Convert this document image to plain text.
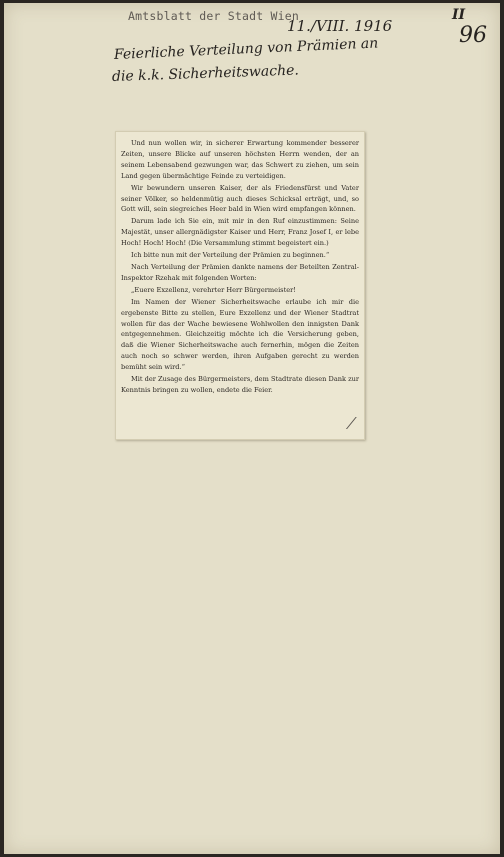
Amtsblatt der Stadt Wien
11./VIII. 1916
II
96
Feierliche Verteilung von Prämien an
die k.k. Sicherheitswache.

Und nun wollen wir, in sicherer Erwartung kommender besserer Zeiten, unsere Blicke auf unseren höchsten Herrn wenden, der an seinem Lebensabend gezwungen war, das Schwert zu ziehen, um sein Land gegen übermächtige Feinde zu verteidigen.

Wir bewundern unseren Kaiser, der als Friedensfürst und Vater seiner Völker, so heldenmütig auch dieses Schicksal erträgt, und, so Gott will, sein siegreiches Heer bald in Wien wird empfangen können.

Darum lade ich Sie ein, mit mir in den Ruf einzustimmen: Seine Majestät, unser allergnädigster Kaiser und Herr, Franz Josef I, er lebe Hoch! Hoch! Hoch! (Die Versammlung stimmt begeistert ein.)

Ich bitte nun mit der Verteilung der Prämien zu beginnen.“

Nach Verteilung der Prämien dankte namens der Beteilten Zentral-Inspektor Rzehak mit folgenden Worten:

„Euere Exzellenz, verehrter Herr Bürgermeister!

Im Namen der Wiener Sicherheitswache erlaube ich mir die ergebenste Bitte zu stellen, Eure Exzellenz und der Wiener Stadtrat wollen für das der Wache bewiesene Wohlwollen den innigsten Dank entgegennehmen. Gleichzeitig möchte ich die Versicherung geben, daß die Wiener Sicherheitswache auch fernerhin, mögen die Zeiten auch noch so schwer werden, ihren Aufgaben gerecht zu werden bemüht sein wird.“

Mit der Zusage des Bürgermeisters, dem Stadtrate diesen Dank zur Kenntnis bringen zu wollen, endete die Feier.

⁄
